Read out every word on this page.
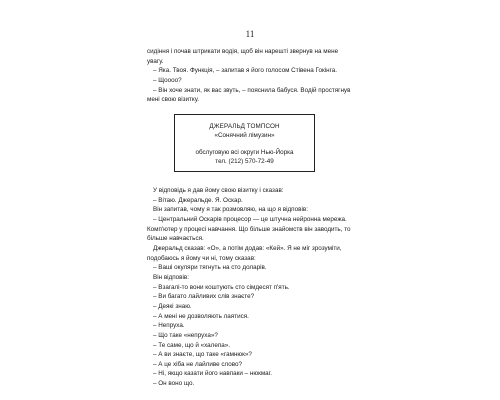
11
сидіння і почав штрикати водія, щоб він нарешті звернув на мене
увагу.
– Яка. Твоя. Функція, – запитав я його голосом Стівена Гокінга.
– Щоооо?
– Він хоче знати, як вас звуть, – пояснила бабуся. Водій простягнув
мені свою візитку.
ДЖЕРАЛЬД ТОМПСОН
«Сонячний лімузин»
обслуговую всі округи Нью-Йорка
тел. (212) 570-72-49
У відповідь я дав йому свою візитку і сказав:
– Вітаю. Джеральде. Я. Оскар.
Він запитав, чому я так розмовляю, на що я відповів:
– Центральний Оскарів процесор — це штучна нейронна мережа.
Комп'ютер у процесі навчання. Що більше знайомств він заводить, то
більше навчається.
Джеральд сказав: «О», а потім додав: «Кей». Я не міг зрозуміти,
подобаюсь я йому чи ні, тому сказав:
– Ваші окуляри тягнуть на сто доларів.
Він відповів:
– Взагалі-то вони коштують сто сімдесят п'ять.
– Ви багато лайливих слів знаєте?
– Деякі знаю.
– А мені не дозволяють лаятися.
– Непруха.
– Що таке «непруха»?
– Те саме, що й «халепа».
– А ви знаєте, що таке «гамнюк»?
– А це хіба не лайливе слово?
– Ні, якщо казати його навпаки – нюкмаг.
– Он воно що.
